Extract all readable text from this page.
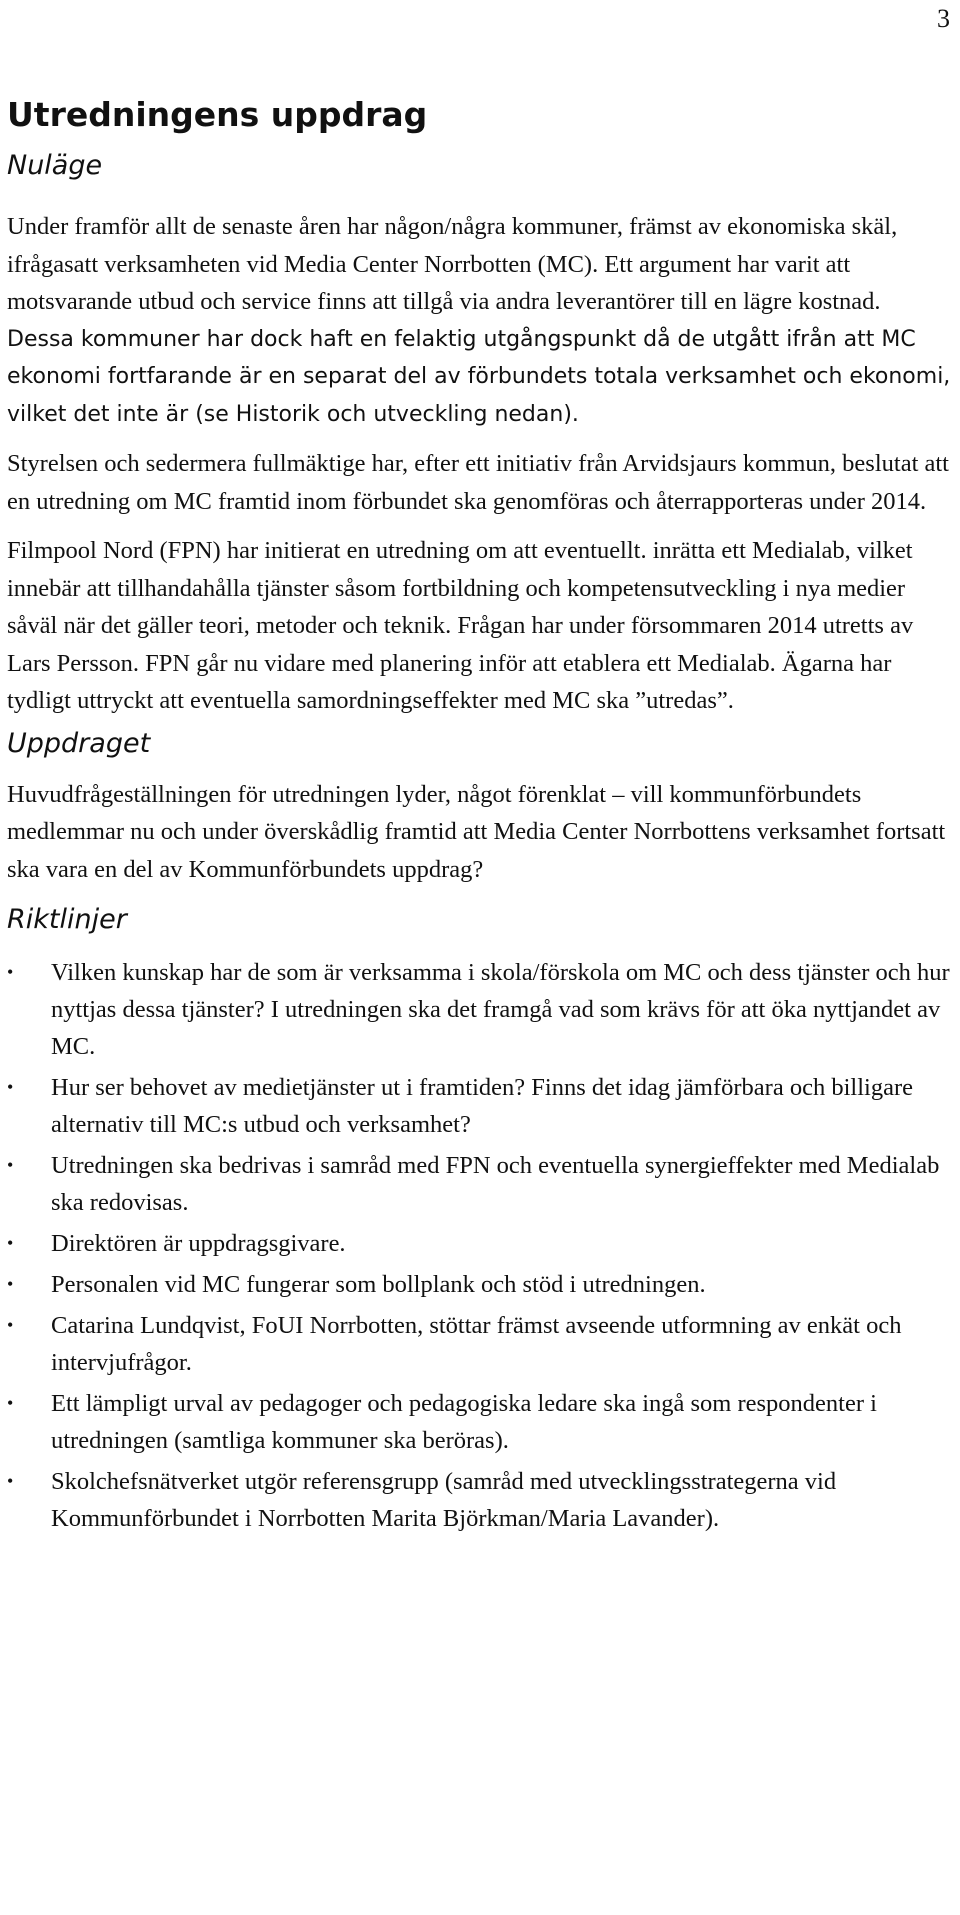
3
Utredningens uppdrag
Nuläge

Under framför allt de senaste åren har någon/några kommuner, främst av ekonomiska skäl, ifrågasatt verksamheten vid Media Center Norrbotten (MC). Ett argument har varit att motsvarande utbud och service finns att tillgå via andra leverantörer till en lägre kostnad.

Dessa kommuner har dock haft en felaktig utgångspunkt då de utgått ifrån att MC ekonomi fortfarande är en separat del av förbundets totala verksamhet och ekonomi, vilket det inte är (se Historik och utveckling nedan).

Styrelsen och sedermera fullmäktige har, efter ett initiativ från Arvidsjaurs kommun, beslutat att en utredning om MC framtid inom förbundet ska genomföras och återrapporteras under 2014.

Filmpool Nord (FPN) har initierat en utredning om att eventuellt. inrätta ett Medialab, vilket innebär att tillhandahålla tjänster såsom fortbildning och kompetensutveckling i nya medier såväl när det gäller teori, metoder och teknik. Frågan har under försommaren 2014 utretts av Lars Persson. FPN går nu vidare med planering inför att etablera ett Medialab. Ägarna har tydligt uttryckt att eventuella samordningseffekter med MC ska ”utredas”.

Uppdraget

Huvudfrågeställningen för utredningen lyder, något förenklat – vill kommunförbundets medlemmar nu och under överskådlig framtid att Media Center Norrbottens verksamhet fortsatt ska vara en del av Kommunförbundets uppdrag?

Riktlinjer
• Vilken kunskap har de som är verksamma i skola/förskola om MC och dess tjänster och hur nyttjas dessa tjänster? I utredningen ska det framgå vad som krävs för att öka nyttjandet av MC.
• Hur ser behovet av medietjänster ut i framtiden? Finns det idag jämförbara och billigare alternativ till MC:s utbud och verksamhet?
• Utredningen ska bedrivas i samråd med FPN och eventuella synergieffekter med Medialab ska redovisas.
• Direktören är uppdragsgivare.
• Personalen vid MC fungerar som bollplank och stöd i utredningen.
• Catarina Lundqvist, FoUI Norrbotten, stöttar främst avseende utformning av enkät och intervjufrågor.
• Ett lämpligt urval av pedagoger och pedagogiska ledare ska ingå som respondenter i utredningen (samtliga kommuner ska beröras).
• Skolchefsnätverket utgör referensgrupp (samråd med utvecklingsstrategerna vid Kommunförbundet i Norrbotten Marita Björkman/Maria Lavander).
